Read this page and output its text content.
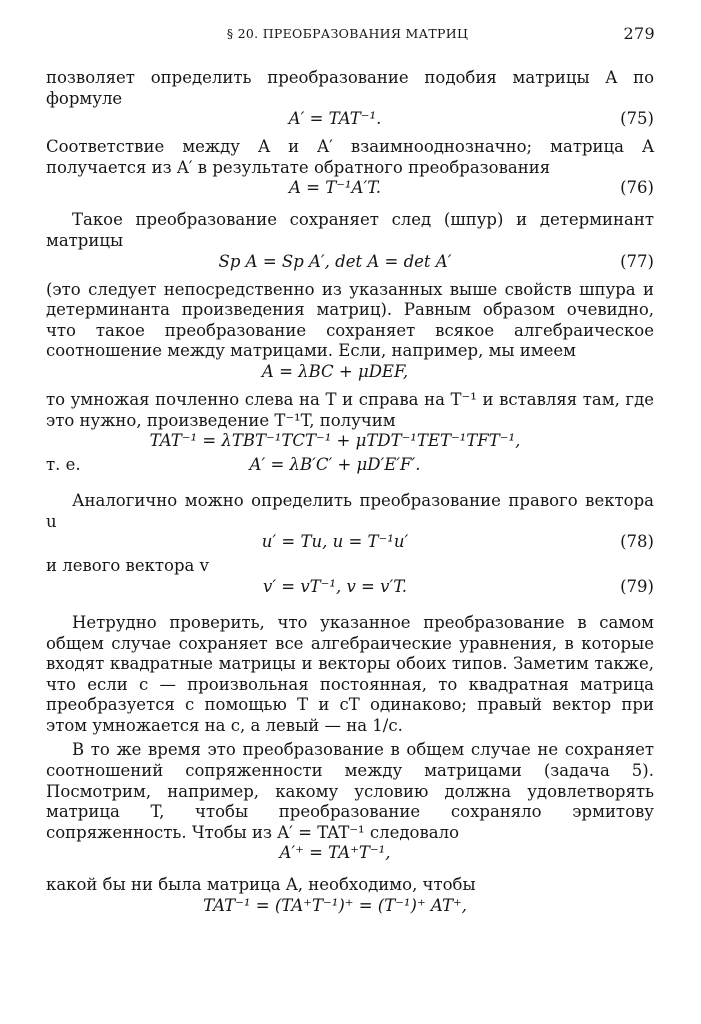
§ 20. ПРЕОБРАЗОВАНИЯ МАТРИЦ	279

позволяет определить преобразование подобия матрицы A по формуле

A′ = TAT⁻¹.	(75)

Соответствие между A и A′ взаимнооднозначно; матрица A получается из A′ в результате обратного преобразования

A = T⁻¹A′T.	(76)

Такое преобразование сохраняет след (шпур) и детерминант матрицы

Sp A = Sp A′, det A = det A′	(77)

(это следует непосредственно из указанных выше свойств шпура и детерминанта произведения матриц). Равным образом очевидно, что такое преобразование сохраняет всякое алгебраическое соотношение между матрицами. Если, например, мы имеем

A = λBC + μDEF,

то умножая почленно слева на T и справа на T⁻¹ и вставляя там, где это нужно, произведение T⁻¹T, получим

TAT⁻¹ = λTBT⁻¹TCT⁻¹ + μTDT⁻¹TET⁻¹TFT⁻¹,
т. е.	A′ = λB′C′ + μD′E′F′.

Аналогично можно определить преобразование правого вектора u

u′ = Tu, u = T⁻¹u′	(78)

и левого вектора v

v′ = vT⁻¹, v = v′T.	(79)

Нетрудно проверить, что указанное преобразование в самом общем случае сохраняет все алгебраические уравнения, в которые входят квадратные матрицы и векторы обоих типов. Заметим также, что если c — произвольная постоянная, то квадратная матрица преобразуется с помощью T и cT одинаково; правый вектор при этом умножается на c, а левый — на 1/c.

В то же время это преобразование в общем случае не сохраняет соотношений сопряженности между матрицами (задача 5). Посмотрим, например, какому условию должна удовлетворять матрица T, чтобы преобразование сохраняло эрмитову сопряженность. Чтобы из A′ = TAT⁻¹ следовало

A′⁺ = TA⁺T⁻¹,

какой бы ни была матрица A, необходимо, чтобы

TAT⁻¹ = (TA⁺T⁻¹)⁺ = (T⁻¹)⁺ AT⁺,
